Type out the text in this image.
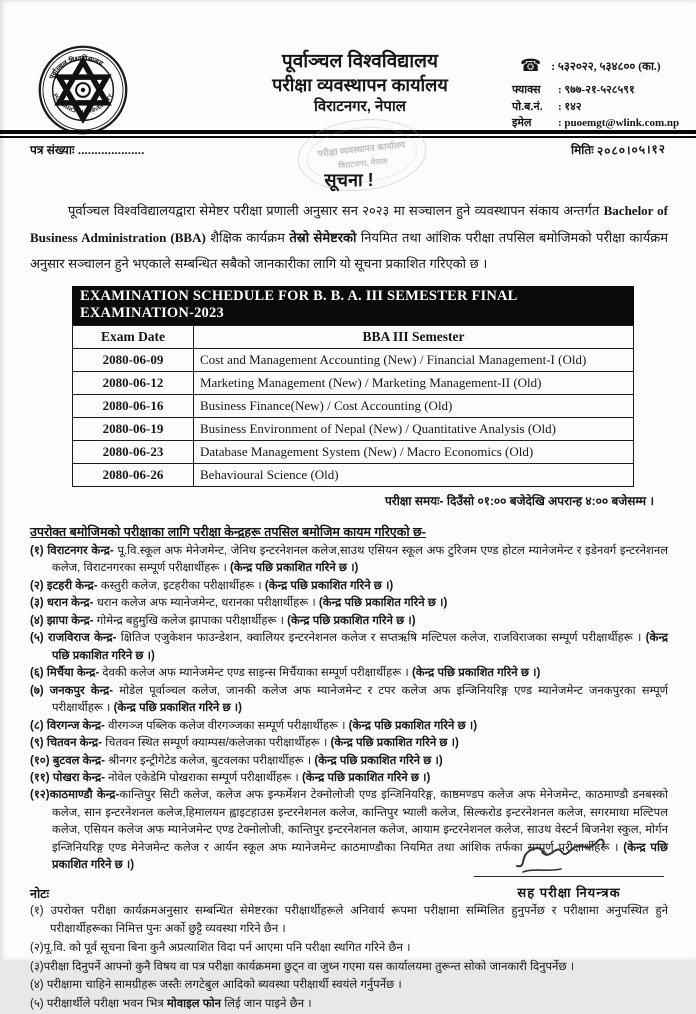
पूर्वाञ्चल विश्वविद्यालय
PURBANCHAL UNIVERSITY
पूर्वाञ्चल विश्वविद्यालय
परीक्षा व्यवस्थापन कार्यालय
विराटनगर, नेपाल
☎ : ५३२०२२, ५३४८०० (का.)
फ्याक्स	: ९७७-२१-५२८५९१
पो.ब.नं.	: १४२
इमेल	: puoemgt@wlink.com.np
परीक्षा व्यवस्थापन कार्यालय
विराटनगर, नेपाल
पत्र संख्याः ....................	मितिः २०८०।०५।१२
सूचना !
पूर्वाञ्चल विश्वविद्यालयद्वारा सेमेष्टर परीक्षा प्रणाली अनुसार सन २०२३ मा सञ्चालन हुने व्यवस्थापन संकाय अन्तर्गत Bachelor of Business Administration (BBA) शैक्षिक कार्यक्रम तेस्रो सेमेष्टरको नियमित तथा आंशिक परीक्षा तपसिल बमोजिमको परीक्षा कार्यक्रम अनुसार सञ्चालन हुने भएकाले सम्बन्धित सबैको जानकारीका लागि यो सूचना प्रकाशित गरिएको छ ।
EXAMINATION SCHEDULE FOR B. B. A. III SEMESTER FINAL EXAMINATION-2023
Exam Date	BBA III Semester
2080-06-09	Cost and Management Accounting (New) / Financial Management-I (Old)
2080-06-12	Marketing Management (New) / Marketing Management-II (Old)
2080-06-16	Business Finance(New) / Cost Accounting (Old)
2080-06-19	Business Environment of Nepal (New) / Quantitative Analysis (Old)
2080-06-23	Database Management System (New) / Macro Economics (Old)
2080-06-26	Behavioural Science (Old)
परीक्षा समयः- दिउँसो ०१:०० बजेदेखि अपरान्ह ४:०० बजेसम्म ।
उपरोक्त बमोजिमको परीक्षाका लागि परीक्षा केन्द्रहरू तपसिल बमोजिम कायम गरिएको छ-
(१) विराटनगर केन्द्र- पू.वि.स्कूल अफ मेनेजमेन्ट, जेनिथ इन्टरनेशनल कलेज,साउथ एसियन स्कूल अफ टुरिजम एण्ड होटल म्यानेजमेन्ट र इडेनवर्ग इन्टरनेशनल कलेज, विराटनगरका सम्पूर्ण परीक्षार्थीहरू । (केन्द्र पछि प्रकाशित गरिने छ ।)
(२) इटहरी केन्द्र- कस्तुरी कलेज, इटहरीका परीक्षार्थीहरू । (केन्द्र पछि प्रकाशित गरिने छ ।)
(३) धरान केन्द्र- धरान कलेज अफ म्यानेजमेन्ट, धरानका परीक्षार्थीहरू । (केन्द्र पछि प्रकाशित गरिने छ ।)
(४) झापा केन्द्र- गोमेन्द्र बहुमुखि कलेज झापाका परीक्षार्थीहरू । (केन्द्र पछि प्रकाशित गरिने छ ।)
(५) राजविराज केन्द्र- क्षितिज एजुकेशन फाउन्डेशन, क्वालियर इन्टरनेशनल कलेज र सप्तऋषि मल्टिपल कलेज, राजविराजका सम्पूर्ण परीक्षार्थीहरू । (केन्द्र पछि प्रकाशित गरिने छ ।)
(६) मिर्चैया केन्द्र- देवकी कलेज अफ म्यानेजमेन्ट एण्ड साइन्स मिर्चैयाका सम्पूर्ण परीक्षार्थीहरू । (केन्द्र पछि प्रकाशित गरिने छ ।)
(७) जनकपुर केन्द्र- मोडेल पूर्वाञ्चल कलेज, जानकी कलेज अफ म्यानेजमेन्ट र टपर कलेज अफ इन्जिनियरिङ्ग एण्ड म्यानेजमेन्ट जनकपुरका सम्पूर्ण परीक्षार्थीहरू । (केन्द्र पछि प्रकाशित गरिने छ ।)
(८) विरगन्ज केन्द्र- वीरगञ्ज पब्लिक कलेज वीरगञ्जका सम्पूर्ण परीक्षार्थीहरू । (केन्द्र पछि प्रकाशित गरिने छ ।)
(९) चितवन केन्द्र- चितवन स्थित सम्पूर्ण क्याम्पस/कलेजका परीक्षार्थीहरू । (केन्द्र पछि प्रकाशित गरिने छ ।)
(१०) बुटवल केन्द्र- श्रीनगर इन्ट्रीगेटेड कलेज, बुटवलका परीक्षार्थीहरू । (केन्द्र पछि प्रकाशित गरिने छ ।)
(११) पोखरा केन्द्र- नोवेल एकेडेमि पोखराका सम्पूर्ण परीक्षार्थीहरू । (केन्द्र पछि प्रकाशित गरिने छ ।)
(१२)काठमाण्डौ केन्द्र-कान्तिपुर सिटी कलेज, कलेज अफ इन्फर्मेशन टेक्नोलोजी एण्ड इन्जिनियरिङ्ग, काष्ठमण्डप कलेज अफ मेनेजमेन्ट, काठमाण्डौ डनबस्को कलेज, सान इन्टरनेशनल कलेज,हिमालयन ह्वाइटहाउस इन्टरनेशनल कलेज, कान्तिपुर भ्याली कलेज, सिल्करोड इन्टरनेशनल कलेज, सगरमाथा मल्टिपल कलेज, एसियन कलेज अफ म्यानेजमेन्ट एण्ड टेक्नोलोजी, कान्तिपुर इन्टरनेशनल कलेज, आयाम इन्टरनेशनल कलेज, साउथ वेस्टर्न बिजनेश स्कुल, मोर्गन इन्जिनियरिङ्ग एण्ड मेनेजमेन्ट कलेज र आर्यन स्कूल अफ म्यानेजमेन्ट काठमाण्डौका नियमित तथा आंशिक तर्फका सम्पूर्ण परीक्षार्थीहरू । (केन्द्र पछि प्रकाशित गरिने छ ।)
नोटः
(१) उपरोक्त परीक्षा कार्यक्रमअनुसार सम्बन्धित सेमेष्टरका परीक्षार्थीहरूले अनिवार्य रूपमा परीक्षामा सम्मिलित हुनुपर्नेछ र परीक्षामा अनुपस्थित हुने परीक्षार्थीहरूका निमित्त पुनः अर्को छुट्टै व्यवस्था गरिने छैन ।
(२)पू.वि. को पूर्व सूचना बिना कुनै अप्रत्याशित विदा पर्न आएमा पनि परीक्षा स्थगित गरिने छैन ।
(३)परीक्षा दिनुपर्ने आफ्नो कुनै विषय वा पत्र परीक्षा कार्यक्रममा छुट्न वा जुध्न गएमा यस कार्यालयमा तुरून्त सोको जानकारी दिनुपर्नेछ ।
(४) परीक्षामा चाहिने सामग्रीहरू जस्तैः लगटेबुल आदिको ब्यवस्था परीक्षार्थी स्वयंले गर्नुपर्नेछ ।
(५) परीक्षार्थीले परीक्षा भवन भित्र मोवाइल फोन लिई जान पाइने छैन ।
सह परीक्षा नियन्त्रक
